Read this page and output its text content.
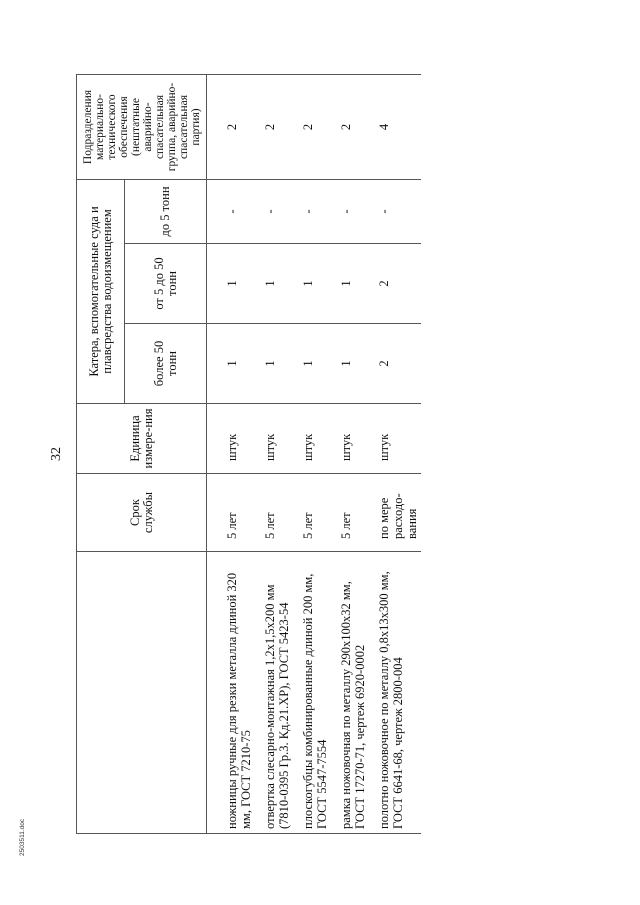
32
2503511.doc
	Срок службы	Единица измере-ния	Катера, вспомогательные суда и плавсредства водоизмещением			Подразделения материально-технического обеспечения (нештатные аварийно-спасательная группа, аварийно-спасательная партия)
			более 50 тонн	от 5 до 50 тонн	до 5 тонн	

ножницы ручные для резки металла длиной 320 мм, ГОСТ 7210-75	5 лет	штук	1	1	-	2
отвертка слесарно-монтажная 1,2х1,5х200 мм (7810-0395 Гр.3. Кд.21.ХР), ГОСТ 5423-54	5 лет	штук	1	1	-	2
плоскогубцы комбинированные длиной 200 мм, ГОСТ 5547-7554	5 лет	штук	1	1	-	2
рамка ножовочная по металлу 290х100х32 мм, ГОСТ 17270-71, чертеж 6920-0002	5 лет	штук	1	1	-	2
полотно ножовочное по металлу 0,8х13х300 мм, ГОСТ 6641-68, чертеж 2800-004	по мере расходо-вания	штук	2	2	-	4
